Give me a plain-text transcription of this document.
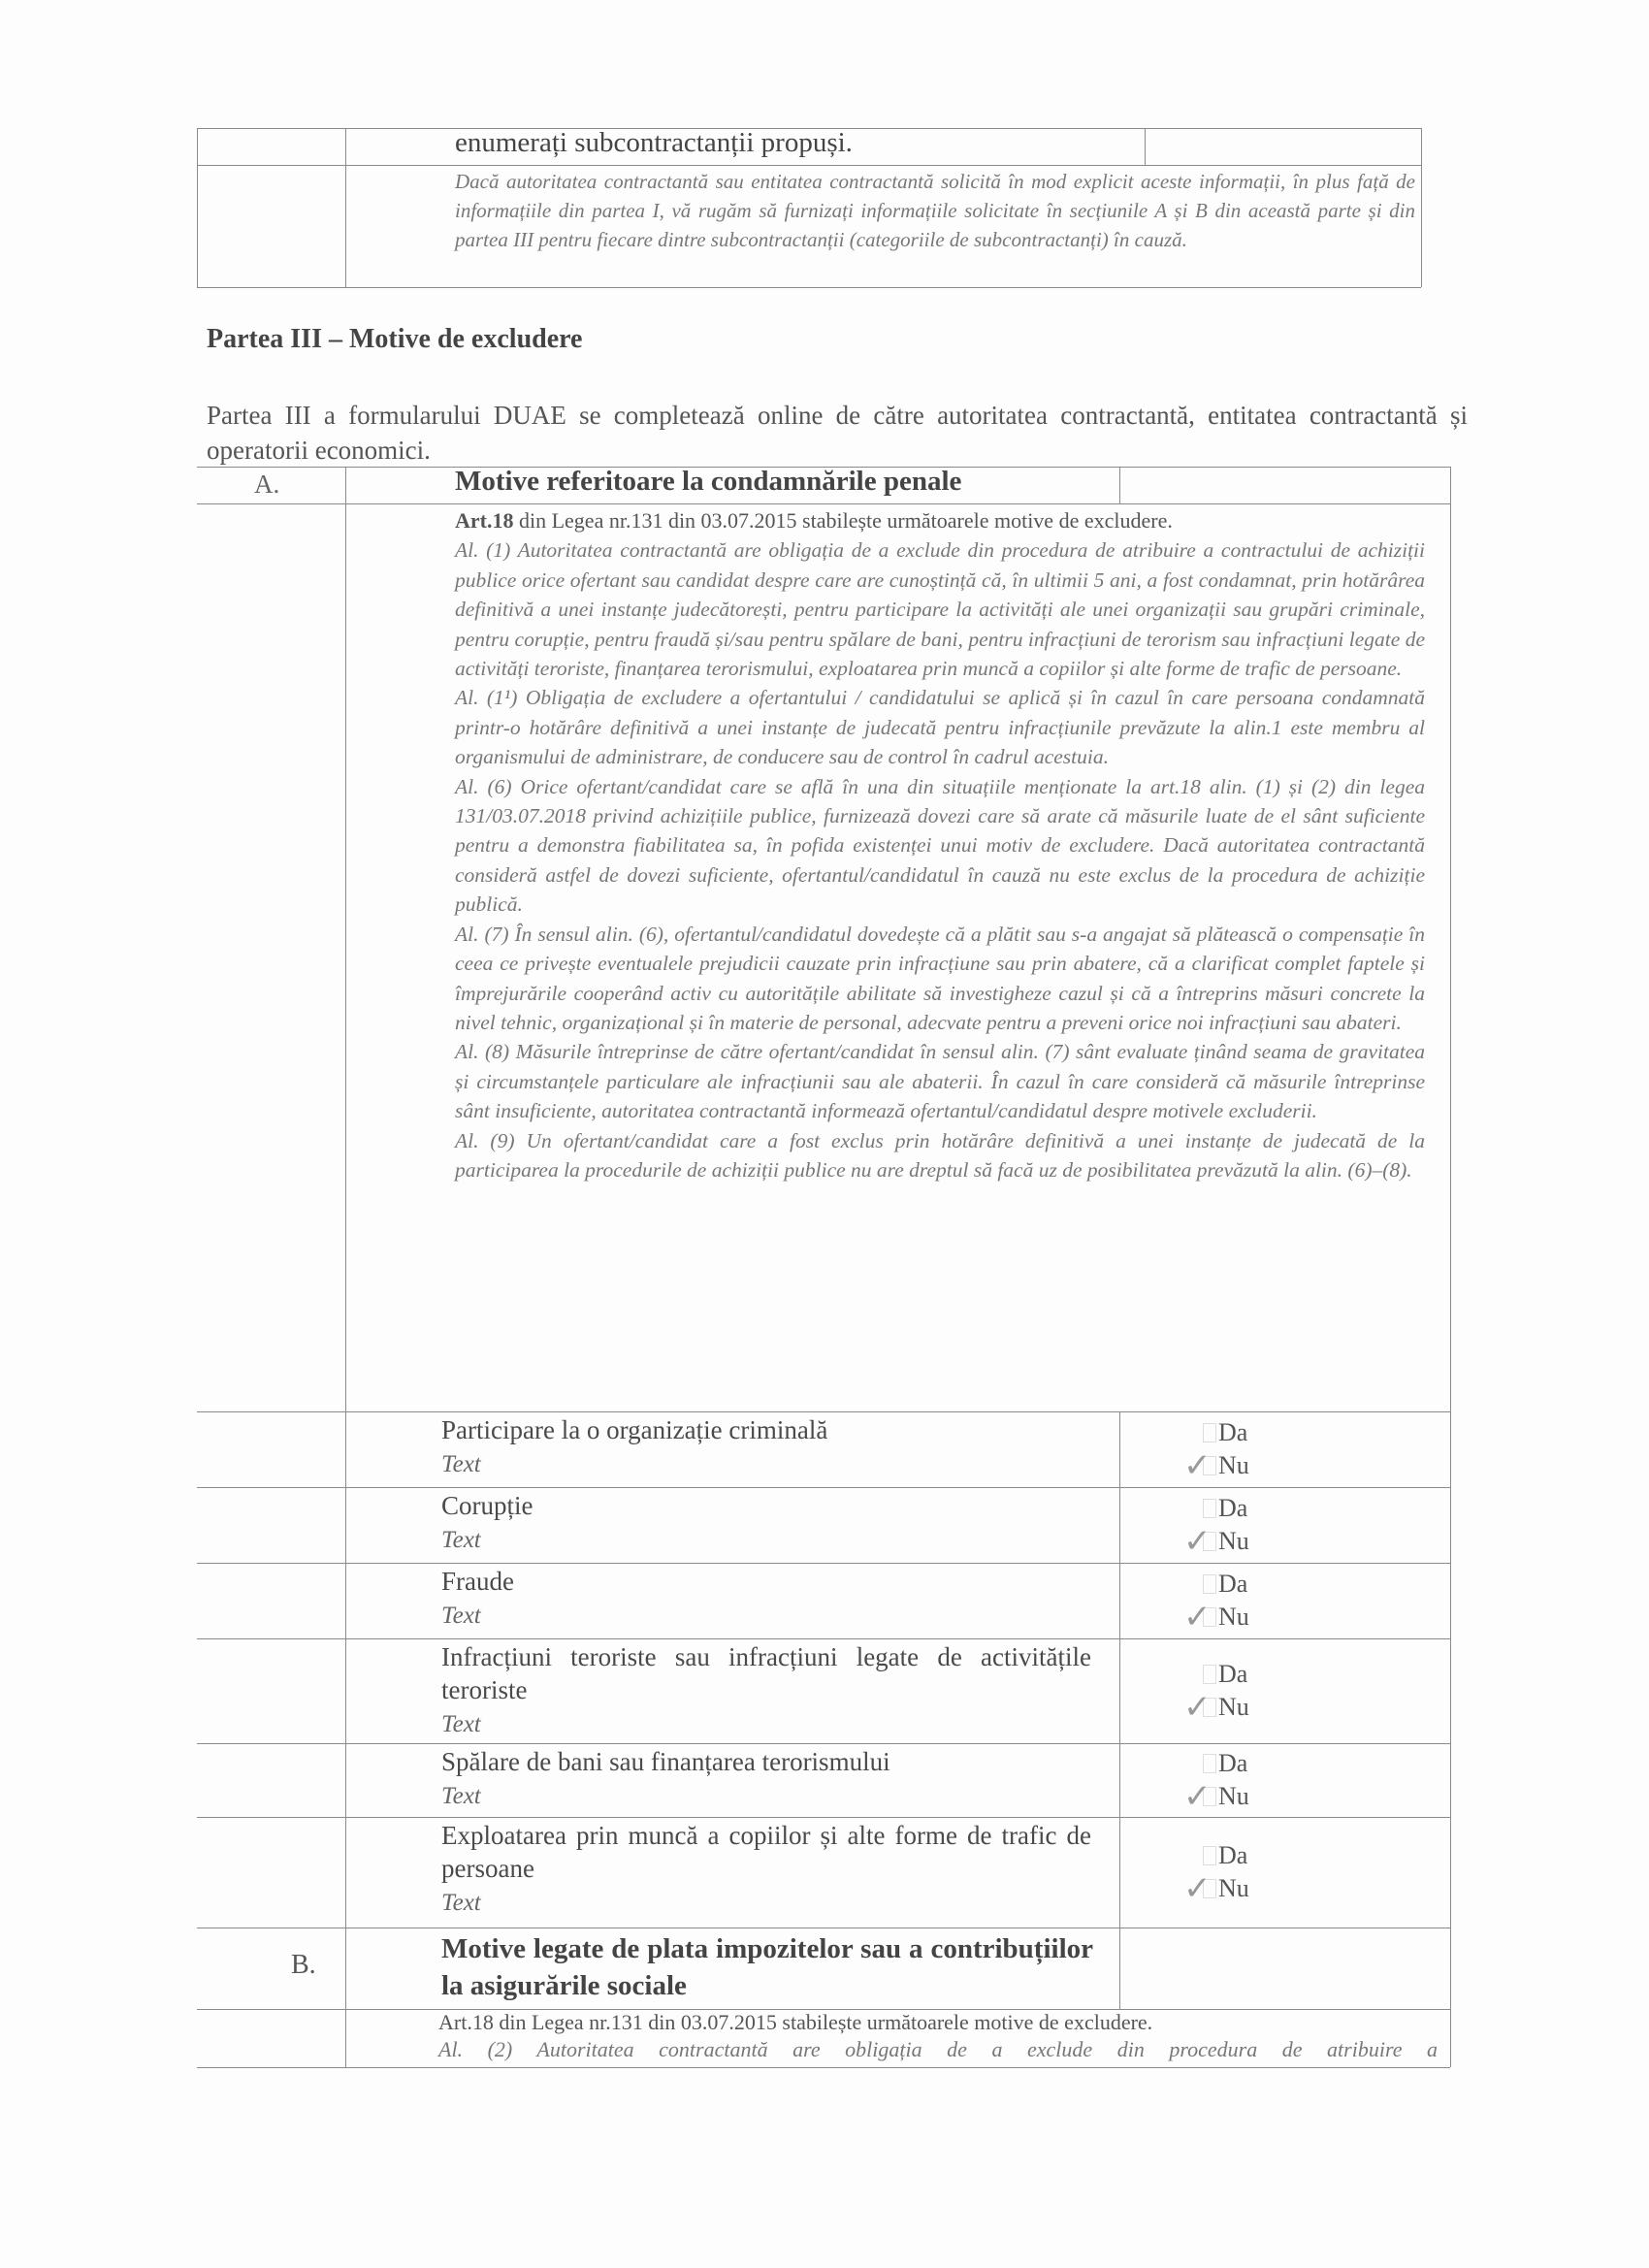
enumerați subcontractanții propuși.
Dacă autoritatea contractantă sau entitatea contractantă solicită în mod explicit aceste informații, în plus față de informațiile din partea I, vă rugăm să furnizați informațiile solicitate în secțiunile A și B din această parte și din partea III pentru fiecare dintre subcontractanții (categoriile de subcontractanți) în cauză.
Partea III – Motive de excludere
Partea III a formularului DUAE se completează online de către autoritatea contractantă, entitatea contractantă și operatorii economici.
A.	Motive referitoare la condamnările penale

Art.18 din Legea nr.131 din 03.07.2015 stabilește următoarele motive de excludere.

Al. (1) Autoritatea contractantă are obligația de a exclude din procedura de atribuire a contractului de achiziții publice orice ofertant sau candidat despre care are cunoștință că, în ultimii 5 ani, a fost condamnat, prin hotărârea definitivă a unei instanțe judecătorești, pentru participare la activități ale unei organizații sau grupări criminale, pentru corupție, pentru fraudă și/sau pentru spălare de bani, pentru infracțiuni de terorism sau infracțiuni legate de activități teroriste, finanțarea terorismului, exploatarea prin muncă a copiilor și alte forme de trafic de persoane.

Al. (1¹) Obligația de excludere a ofertantului / candidatului se aplică și în cazul în care persoana condamnată printr-o hotărâre definitivă a unei instanțe de judecată pentru infracțiunile prevăzute la alin.1 este membru al organismului de administrare, de conducere sau de control în cadrul acestuia.

Al. (6) Orice ofertant/candidat care se află în una din situațiile menționate la art.18 alin. (1) și (2) din legea 131/03.07.2018 privind achizițiile publice, furnizează dovezi care să arate că măsurile luate de el sânt suficiente pentru a demonstra fiabilitatea sa, în pofida existenței unui motiv de excludere. Dacă autoritatea contractantă consideră astfel de dovezi suficiente, ofertantul/candidatul în cauză nu este exclus de la procedura de achiziție publică.

Al. (7) În sensul alin. (6), ofertantul/candidatul dovedește că a plătit sau s-a angajat să plătească o compensație în ceea ce privește eventualele prejudicii cauzate prin infracțiune sau prin abatere, că a clarificat complet faptele și împrejurările cooperând activ cu autoritățile abilitate să investigheze cazul și că a întreprins măsuri concrete la nivel tehnic, organizațional și în materie de personal, adecvate pentru a preveni orice noi infracțiuni sau abateri.

Al. (8) Măsurile întreprinse de către ofertant/candidat în sensul alin. (7) sânt evaluate ținând seama de gravitatea și circumstanțele particulare ale infracțiunii sau ale abaterii. În cazul în care consideră că măsurile întreprinse sânt insuficiente, autoritatea contractantă informează ofertantul/candidatul despre motivele excluderii.

Al. (9) Un ofertant/candidat care a fost exclus prin hotărâre definitivă a unei instanțe de judecată de la participarea la procedurile de achiziții publice nu are dreptul să facă uz de posibilitatea prevăzută la alin. (6)–(8).

Participare la o organizație criminală
Text
Da
✓ Nu
Corupție
Text
Da
✓ Nu
Fraude
Text
Da
✓ Nu
Infracțiuni teroriste sau infracțiuni legate de activitățile teroriste
Text
Da
✓ Nu
Spălare de bani sau finanțarea terorismului
Text
Da
✓ Nu
Exploatarea prin muncă a copiilor și alte forme de trafic de persoane
Text
Da
✓ Nu
B.
Motive legate de plata impozitelor sau a contribuțiilor la asigurările sociale

Art.18 din Legea nr.131 din 03.07.2015 stabilește următoarele motive de excludere.

Al. (2) Autoritatea contractantă are obligația de a exclude din procedura de atribuire a
